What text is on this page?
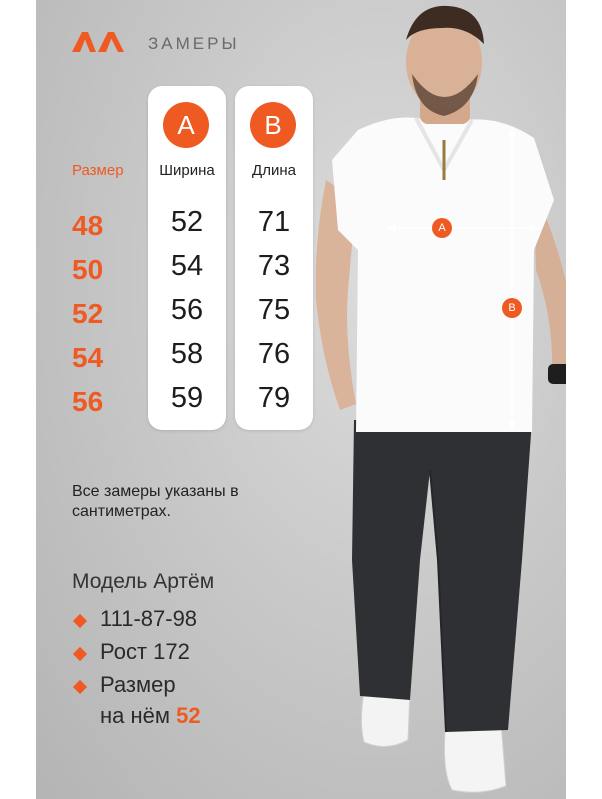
ЗАМЕРЫ
Размер
48
50
52
54
56
A
Ширина
52
54
56
58
59
B
Длина
71
73
75
76
79
Все замеры указаны в сантиметрах.
Модель Артём
111-87-98
Рост 172
Размер
на нём 52
A
B
